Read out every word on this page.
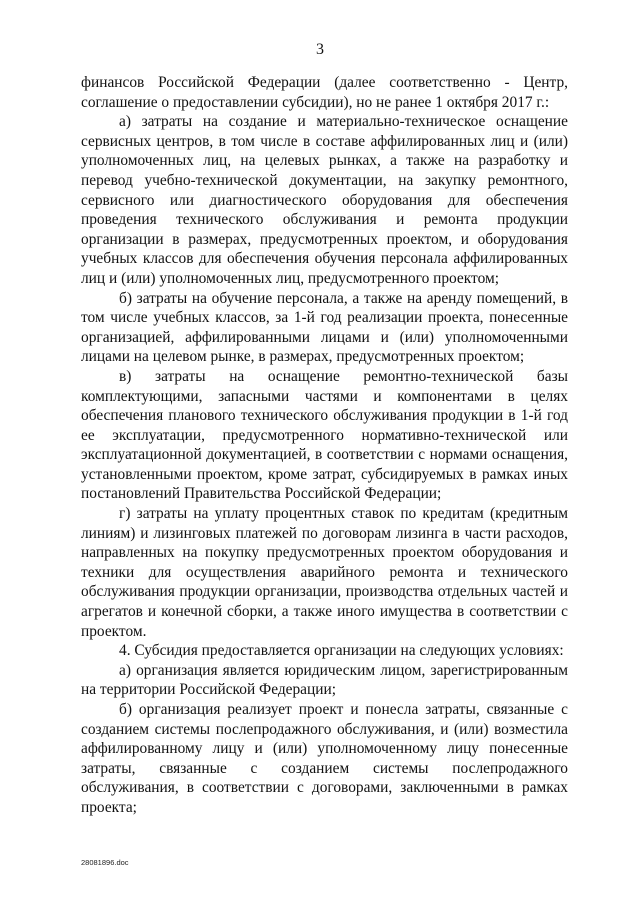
3

финансов Российской Федерации (далее соответственно - Центр, соглашение о предоставлении субсидии), но не ранее 1 октября 2017 г.:

а) затраты на создание и материально-техническое оснащение сервисных центров, в том числе в составе аффилированных лиц и (или) уполномоченных лиц, на целевых рынках, а также на разработку и перевод учебно-технической документации, на закупку ремонтного, сервисного или диагностического оборудования для обеспечения проведения технического обслуживания и ремонта продукции организации в размерах, предусмотренных проектом, и оборудования учебных классов для обеспечения обучения персонала аффилированных лиц и (или) уполномоченных лиц, предусмотренного проектом;

б) затраты на обучение персонала, а также на аренду помещений, в том числе учебных классов, за 1-й год реализации проекта, понесенные организацией, аффилированными лицами и (или) уполномоченными лицами на целевом рынке, в размерах, предусмотренных проектом;

в) затраты на оснащение ремонтно-технической базы комплектующими, запасными частями и компонентами в целях обеспечения планового технического обслуживания продукции в 1-й год ее эксплуатации, предусмотренного нормативно-технической или эксплуатационной документацией, в соответствии с нормами оснащения, установленными проектом, кроме затрат, субсидируемых в рамках иных постановлений Правительства Российской Федерации;

г) затраты на уплату процентных ставок по кредитам (кредитным линиям) и лизинговых платежей по договорам лизинга в части расходов, направленных на покупку предусмотренных проектом оборудования и техники для осуществления аварийного ремонта и технического обслуживания продукции организации, производства отдельных частей и агрегатов и конечной сборки, а также иного имущества в соответствии с проектом.

4. Субсидия предоставляется организации на следующих условиях:

а) организация является юридическим лицом, зарегистрированным на территории Российской Федерации;

б) организация реализует проект и понесла затраты, связанные с созданием системы послепродажного обслуживания, и (или) возместила аффилированному лицу и (или) уполномоченному лицу понесенные затраты, связанные с созданием системы послепродажного обслуживания, в соответствии с договорами, заключенными в рамках проекта;

28081896.doc
